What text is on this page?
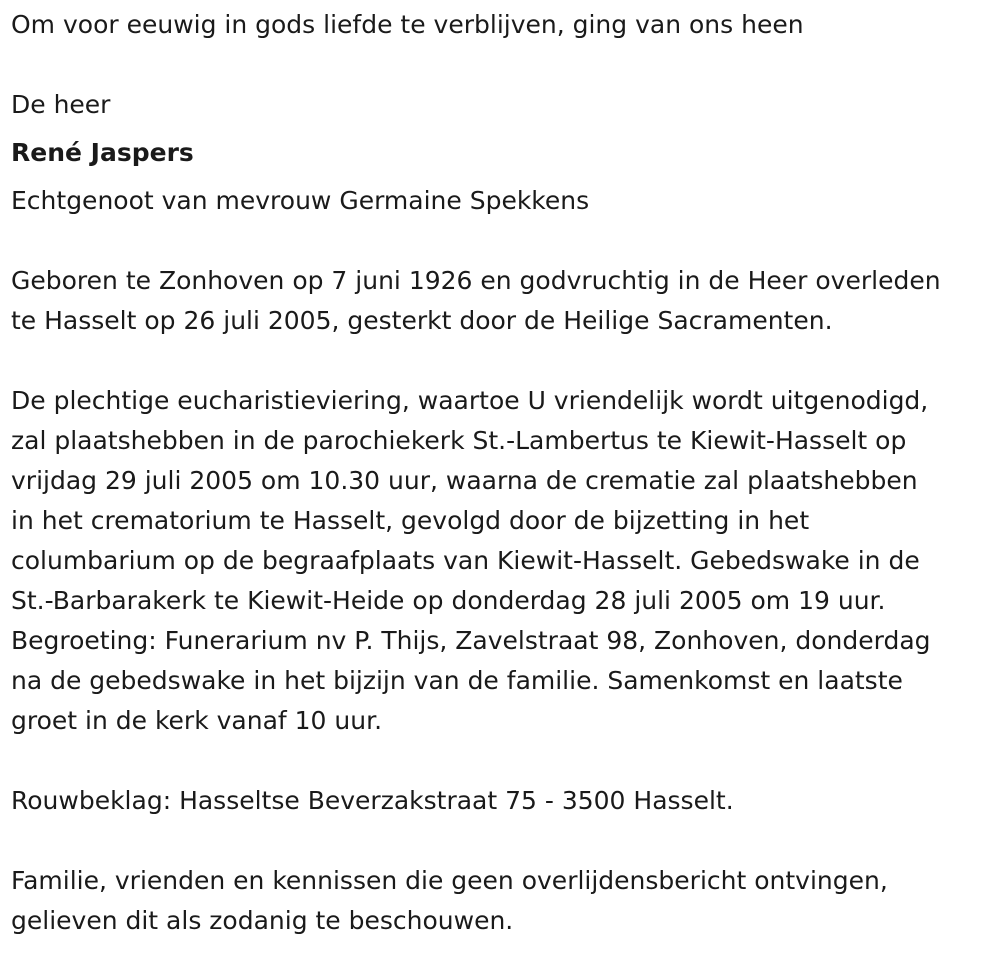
Om voor eeuwig in gods liefde te verblijven, ging van ons heen
De heer
René Jaspers
Echtgenoot van mevrouw Germaine Spekkens
Geboren te Zonhoven op 7 juni 1926 en godvruchtig in de Heer overleden
te Hasselt op 26 juli 2005, gesterkt door de Heilige Sacramenten.
De plechtige eucharistieviering, waartoe U vriendelijk wordt uitgenodigd,
zal plaatshebben in de parochiekerk St.-Lambertus te Kiewit-Hasselt op
vrijdag 29 juli 2005 om 10.30 uur, waarna de crematie zal plaatshebben
in het crematorium te Hasselt, gevolgd door de bijzetting in het
columbarium op de begraafplaats van Kiewit-Hasselt. Gebedswake in de
St.-Barbarakerk te Kiewit-Heide op donderdag 28 juli 2005 om 19 uur.
Begroeting: Funerarium nv P. Thijs, Zavelstraat 98, Zonhoven, donderdag
na de gebedswake in het bijzijn van de familie. Samenkomst en laatste
groet in de kerk vanaf 10 uur.
Rouwbeklag: Hasseltse Beverzakstraat 75 - 3500 Hasselt.
Familie, vrienden en kennissen die geen overlijdensbericht ontvingen,
gelieven dit als zodanig te beschouwen.
